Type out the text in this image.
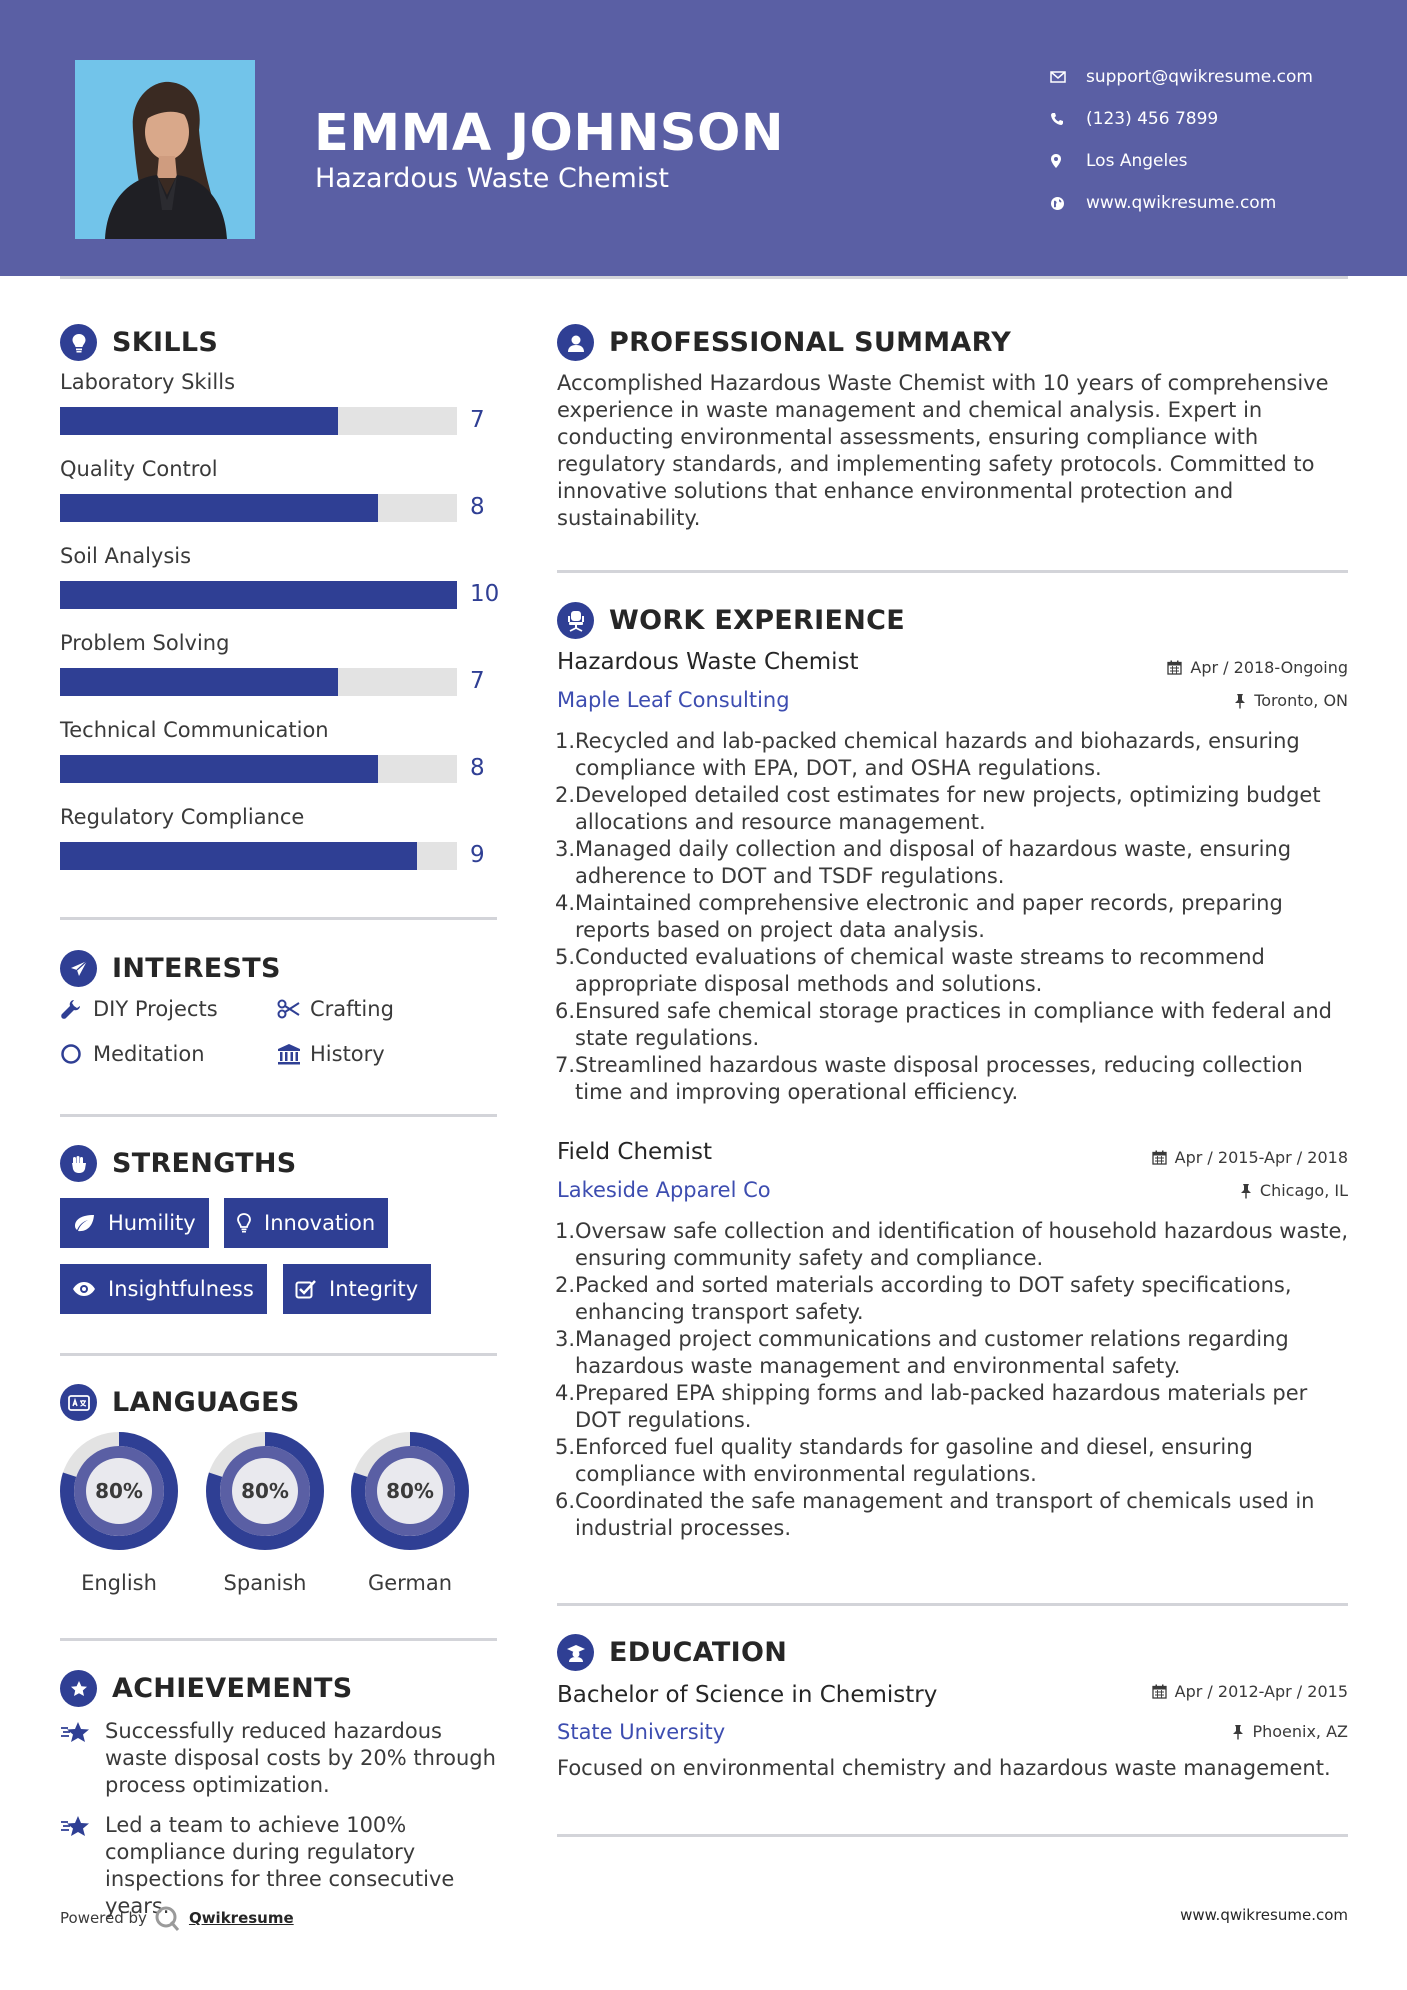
EMMA JOHNSON
Hazardous Waste Chemist
support@qwikresume.com
(123) 456 7899
Los Angeles
www.qwikresume.com
SKILLS
Laboratory Skills
7
Quality Control
8
Soil Analysis
10
Problem Solving
7
Technical Communication
8
Regulatory Compliance
9
INTERESTS
DIY Projects	Crafting
Meditation	History
STRENGTHS
Humility	Innovation
Insightfulness	Integrity
LANGUAGES
80%
English
80%
Spanish
80%
German
ACHIEVEMENTS
Successfully reduced hazardous waste disposal costs by 20% through process optimization.
Led a team to achieve 100% compliance during regulatory inspections for three consecutive years.
PROFESSIONAL SUMMARY
Accomplished Hazardous Waste Chemist with 10 years of comprehensive experience in waste management and chemical analysis. Expert in conducting environmental assessments, ensuring compliance with regulatory standards, and implementing safety protocols. Committed to innovative solutions that enhance environmental protection and sustainability.
WORK EXPERIENCE
Hazardous Waste Chemist	Apr / 2018-Ongoing
Maple Leaf Consulting	Toronto, ON
1. Recycled and lab-packed chemical hazards and biohazards, ensuring compliance with EPA, DOT, and OSHA regulations.
2. Developed detailed cost estimates for new projects, optimizing budget allocations and resource management.
3. Managed daily collection and disposal of hazardous waste, ensuring adherence to DOT and TSDF regulations.
4. Maintained comprehensive electronic and paper records, preparing reports based on project data analysis.
5. Conducted evaluations of chemical waste streams to recommend appropriate disposal methods and solutions.
6. Ensured safe chemical storage practices in compliance with federal and state regulations.
7. Streamlined hazardous waste disposal processes, reducing collection time and improving operational efficiency.
Field Chemist	Apr / 2015-Apr / 2018
Lakeside Apparel Co	Chicago, IL
1. Oversaw safe collection and identification of household hazardous waste, ensuring community safety and compliance.
2. Packed and sorted materials according to DOT safety specifications, enhancing transport safety.
3. Managed project communications and customer relations regarding hazardous waste management and environmental safety.
4. Prepared EPA shipping forms and lab-packed hazardous materials per DOT regulations.
5. Enforced fuel quality standards for gasoline and diesel, ensuring compliance with environmental regulations.
6. Coordinated the safe management and transport of chemicals used in industrial processes.
EDUCATION
Bachelor of Science in Chemistry	Apr / 2012-Apr / 2015
State University	Phoenix, AZ
Focused on environmental chemistry and hazardous waste management.
Powered by	Qwikresume	www.qwikresume.com
